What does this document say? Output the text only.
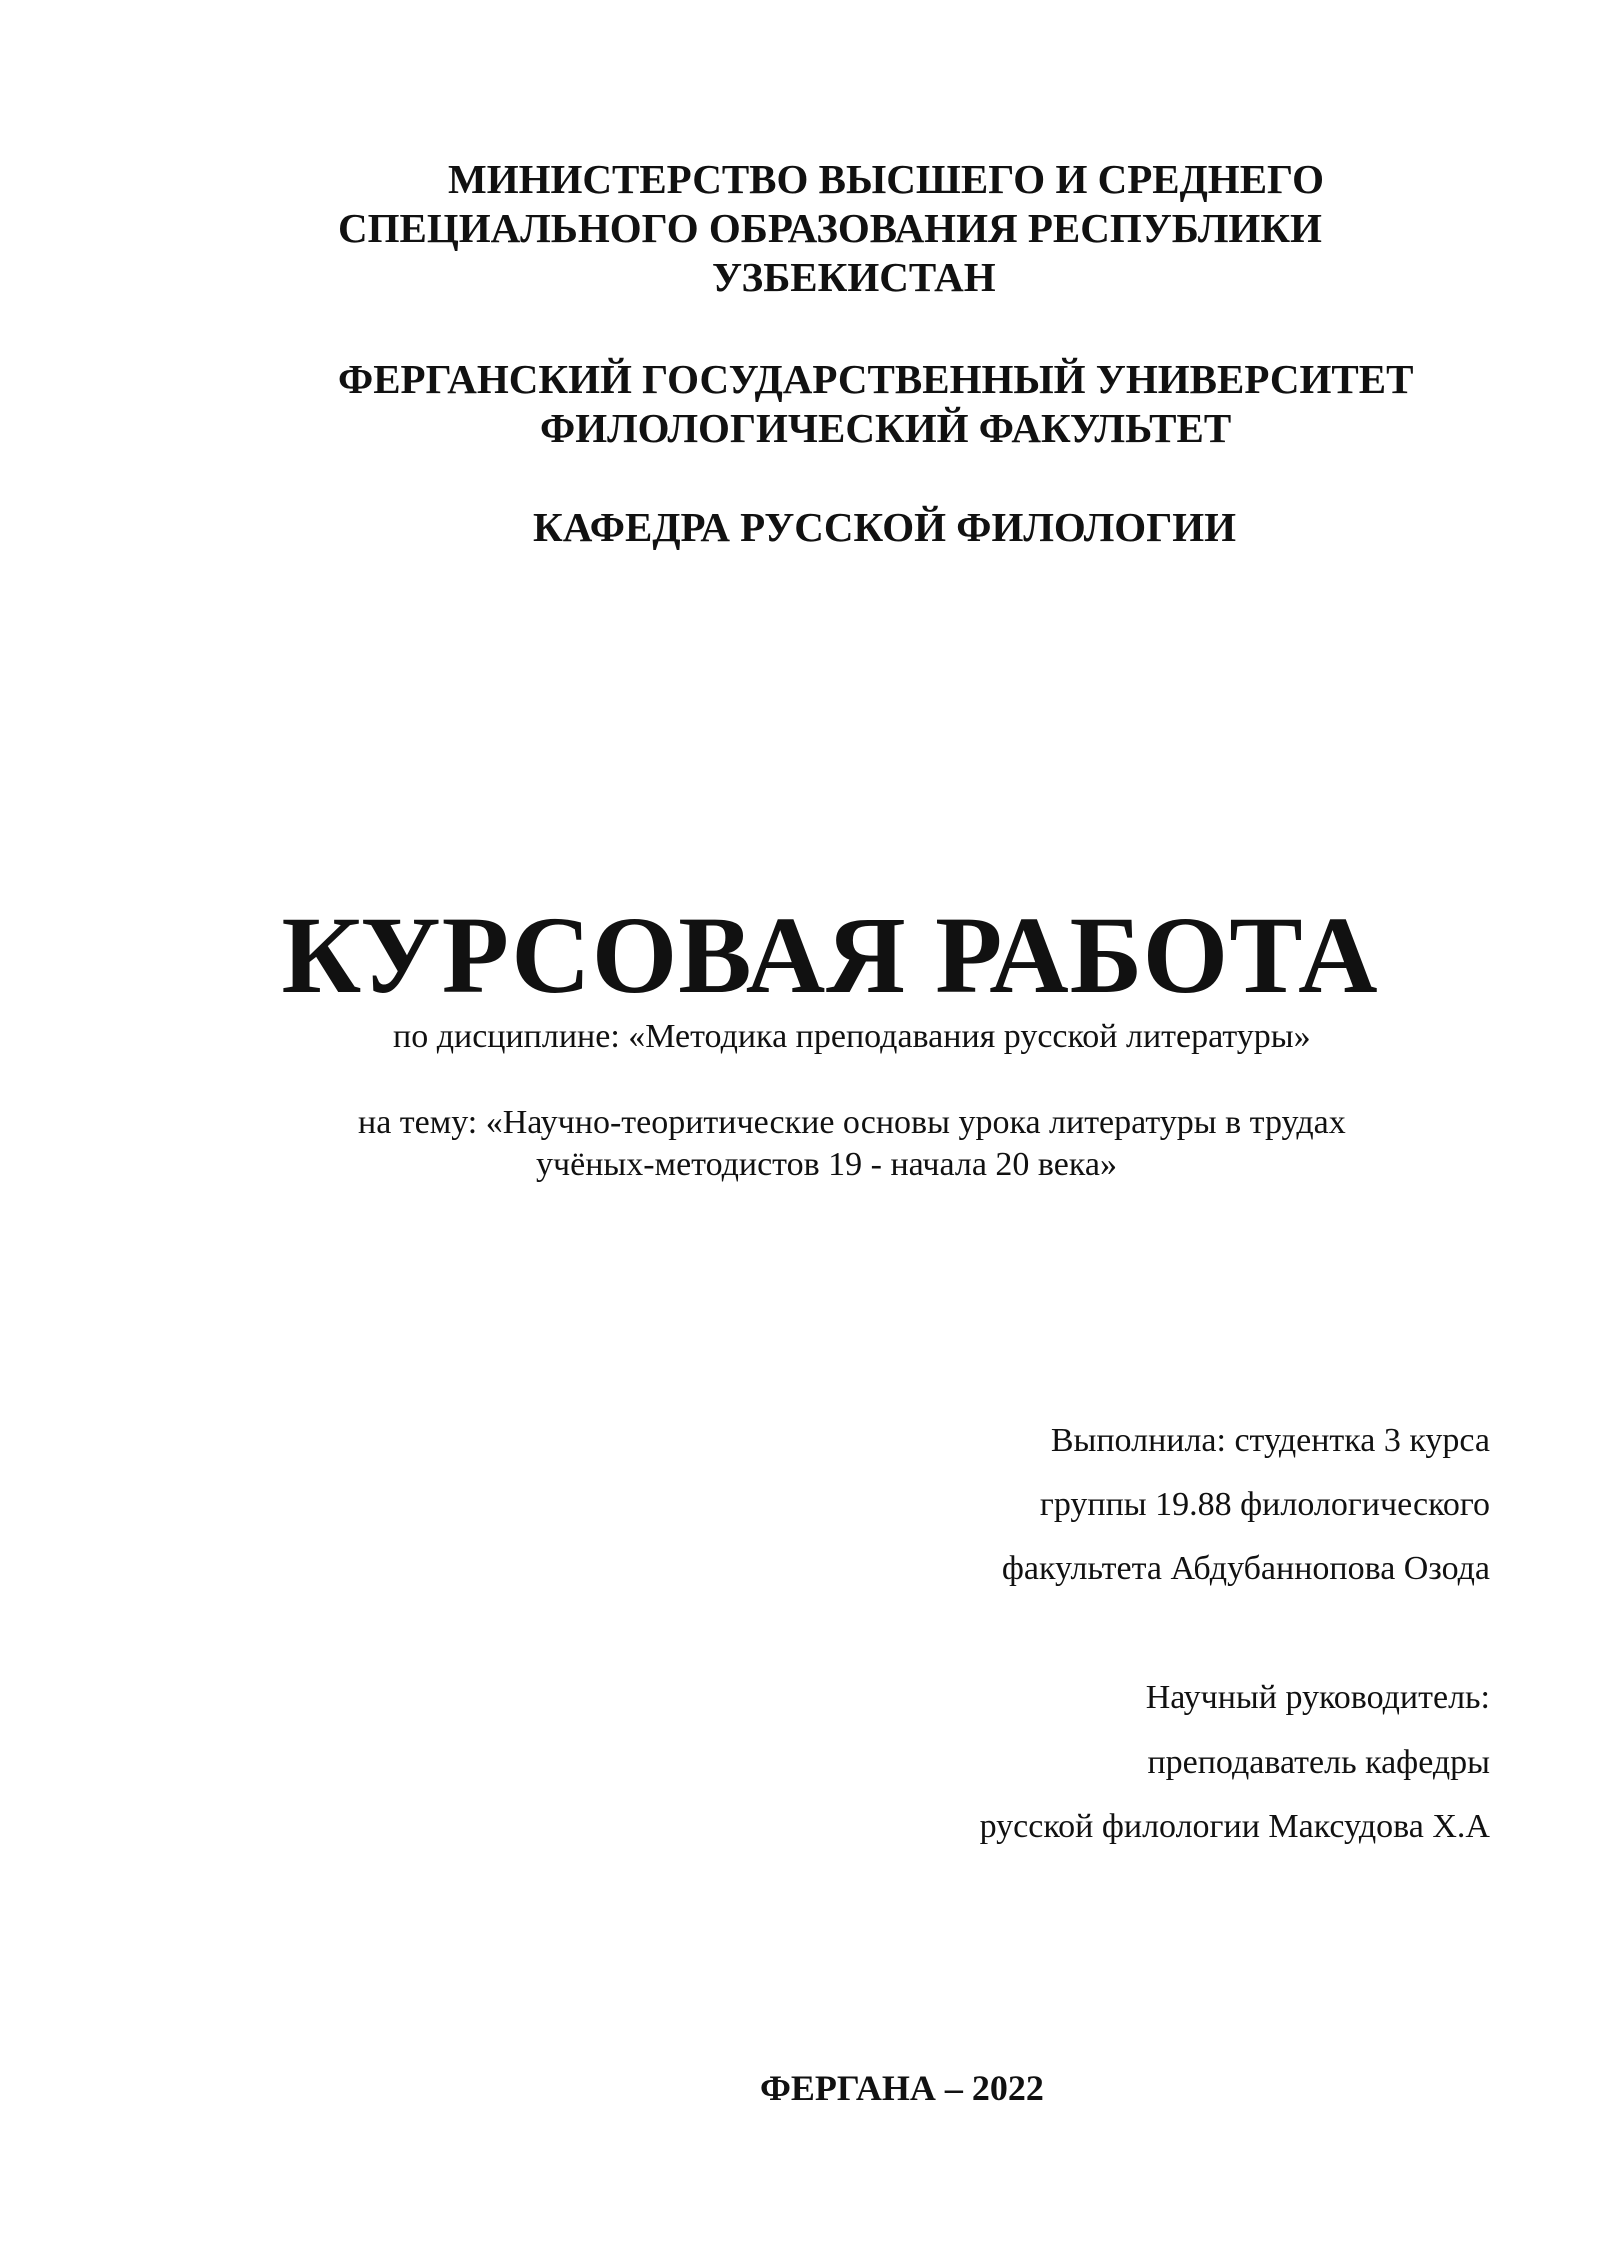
МИНИСТЕРСТВО ВЫСШЕГО И СРЕДНЕГО
СПЕЦИАЛЬНОГО ОБРАЗОВАНИЯ РЕСПУБЛИКИ
УЗБЕКИСТАН
ФЕРГАНСКИЙ ГОСУДАРСТВЕННЫЙ УНИВЕРСИТЕТ
ФИЛОЛОГИЧЕСКИЙ ФАКУЛЬТЕТ
КАФЕДРА РУССКОЙ ФИЛОЛОГИИ
КУРСОВАЯ РАБОТА
по дисциплине: «Методика преподавания русской литературы»
на тему: «Научно-теоритические основы урока литературы в трудах
учёных-методистов 19 - начала 20 века»
Выполнила: студентка 3 курса
группы 19.88 филологического
факультета Абдубаннопова Озода
Научный руководитель:
преподаватель кафедры
русской филологии Максудова Х.А
ФЕРГАНА – 2022
